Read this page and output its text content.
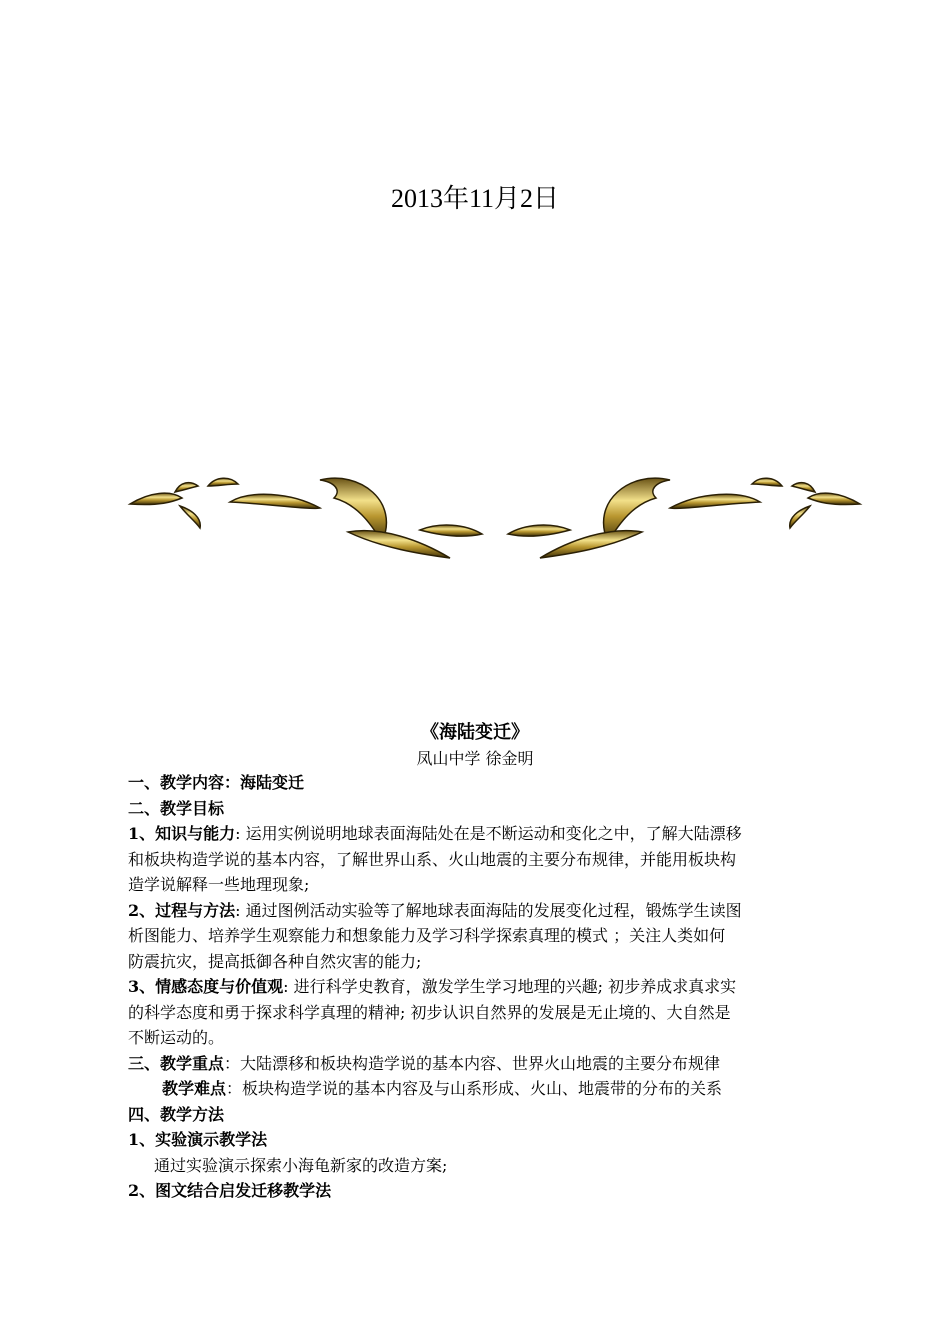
2013年11月2日
《海陆变迁》
凤山中学 徐金明
一、教学内容：海陆变迁
二、教学目标
1、知识与能力: 运用实例说明地球表面海陆处在是不断运动和变化之中，了解大陆漂移
和板块构造学说的基本内容，了解世界山系、火山地震的主要分布规律，并能用板块构
造学说解释一些地理现象;
2、过程与方法: 通过图例活动实验等了解地球表面海陆的发展变化过程，锻炼学生读图
析图能力、培养学生观察能力和想象能力及学习科学探索真理的模式 ；关注人类如何
防震抗灾，提高抵御各种自然灾害的能力;
3、情感态度与价值观: 进行科学史教育，激发学生学习地理的兴趣; 初步养成求真求实
的科学态度和勇于探求科学真理的精神; 初步认识自然界的发展是无止境的、大自然是
不断运动的。
三、教学重点：大陆漂移和板块构造学说的基本内容、世界火山地震的主要分布规律
教学难点：板块构造学说的基本内容及与山系形成、火山、地震带的分布的关系
四、教学方法
1、实验演示教学法
通过实验演示探索小海龟新家的改造方案;
2、图文结合启发迁移教学法
